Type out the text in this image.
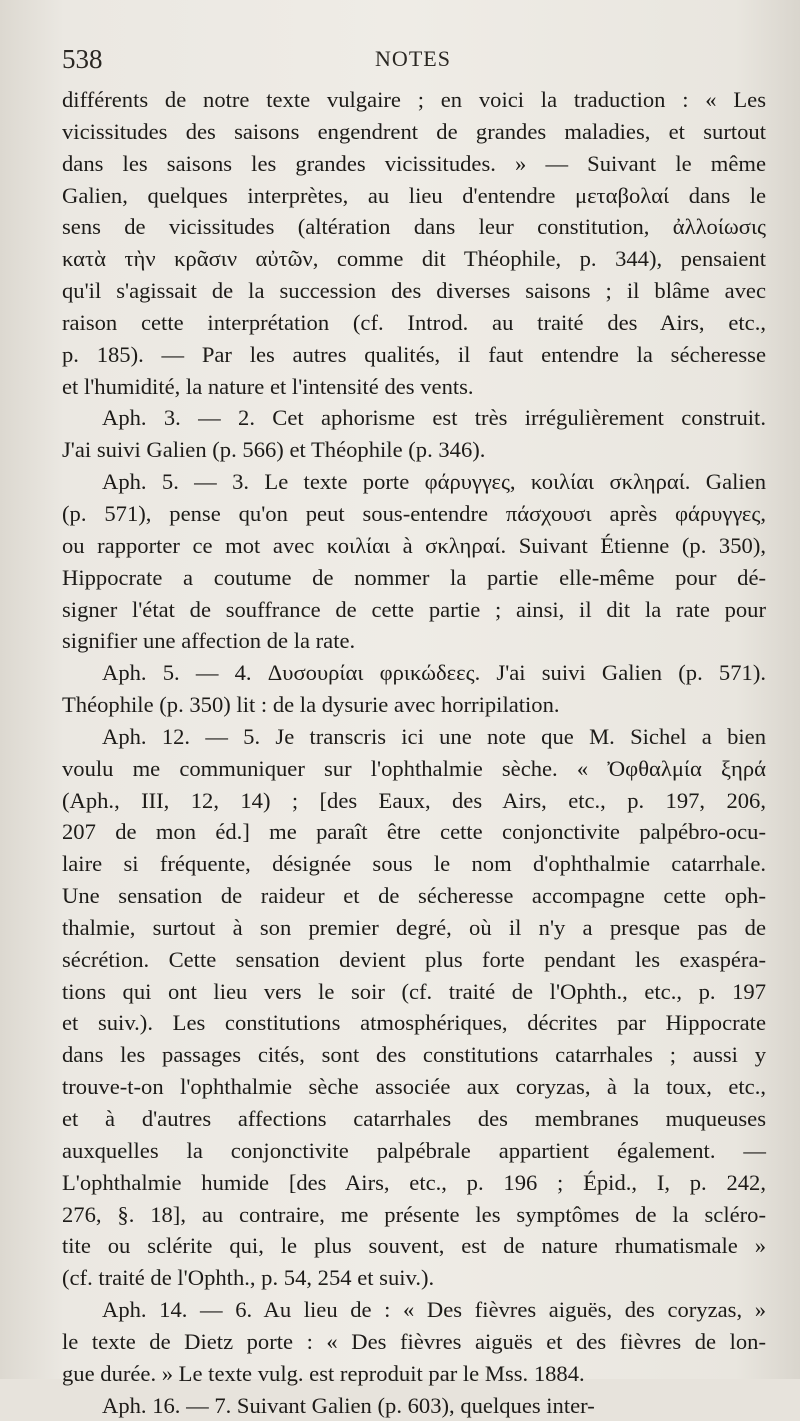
538	NOTES
différents de notre texte vulgaire ; en voici la traduction : « Les
vicissitudes des saisons engendrent de grandes maladies, et surtout
dans les saisons les grandes vicissitudes. » — Suivant le même
Galien, quelques interprètes, au lieu d'entendre μεταβολαί dans le
sens de vicissitudes (altération dans leur constitution, ἀλλοίωσις
κατὰ τὴν κρᾶσιν αὐτῶν, comme dit Théophile, p. 344), pensaient
qu'il s'agissait de la succession des diverses saisons ; il blâme avec
raison cette interprétation (cf. Introd. au traité des Airs, etc.,
p. 185). — Par les autres qualités, il faut entendre la sécheresse
et l'humidité, la nature et l'intensité des vents.
Aph. 3. — 2. Cet aphorisme est très irrégulièrement construit.
J'ai suivi Galien (p. 566) et Théophile (p. 346).
Aph. 5. — 3. Le texte porte φάρυγγες, κοιλίαι σκληραί. Galien
(p. 571), pense qu'on peut sous-entendre πάσχουσι après φάρυγγες,
ou rapporter ce mot avec κοιλίαι à σκληραί. Suivant Étienne (p. 350),
Hippocrate a coutume de nommer la partie elle-même pour dé-
signer l'état de souffrance de cette partie ; ainsi, il dit la rate pour
signifier une affection de la rate.
Aph. 5. — 4. Δυσουρίαι φρικώδεες. J'ai suivi Galien (p. 571).
Théophile (p. 350) lit : de la dysurie avec horripilation.
Aph. 12. — 5. Je transcris ici une note que M. Sichel a bien
voulu me communiquer sur l'ophthalmie sèche. « Ὀφθαλμία ξηρά
(Aph., III, 12, 14) ; [des Eaux, des Airs, etc., p. 197, 206,
207 de mon éd.] me paraît être cette conjonctivite palpébro-ocu-
laire si fréquente, désignée sous le nom d'ophthalmie catarrhale.
Une sensation de raideur et de sécheresse accompagne cette oph-
thalmie, surtout à son premier degré, où il n'y a presque pas de
sécrétion. Cette sensation devient plus forte pendant les exaspéra-
tions qui ont lieu vers le soir (cf. traité de l'Ophth., etc., p. 197
et suiv.). Les constitutions atmosphériques, décrites par Hippocrate
dans les passages cités, sont des constitutions catarrhales ; aussi y
trouve-t-on l'ophthalmie sèche associée aux coryzas, à la toux, etc.,
et à d'autres affections catarrhales des membranes muqueuses
auxquelles la conjonctivite palpébrale appartient également. —
L'ophthalmie humide [des Airs, etc., p. 196 ; Épid., I, p. 242,
276, §. 18], au contraire, me présente les symptômes de la scléro-
tite ou sclérite qui, le plus souvent, est de nature rhumatismale »
(cf. traité de l'Ophth., p. 54, 254 et suiv.).
Aph. 14. — 6. Au lieu de : « Des fièvres aiguës, des coryzas, »
le texte de Dietz porte : « Des fièvres aiguës et des fièvres de lon-
gue durée. » Le texte vulg. est reproduit par le Mss. 1884.
Aph. 16. — 7. Suivant Galien (p. 603), quelques inter-
